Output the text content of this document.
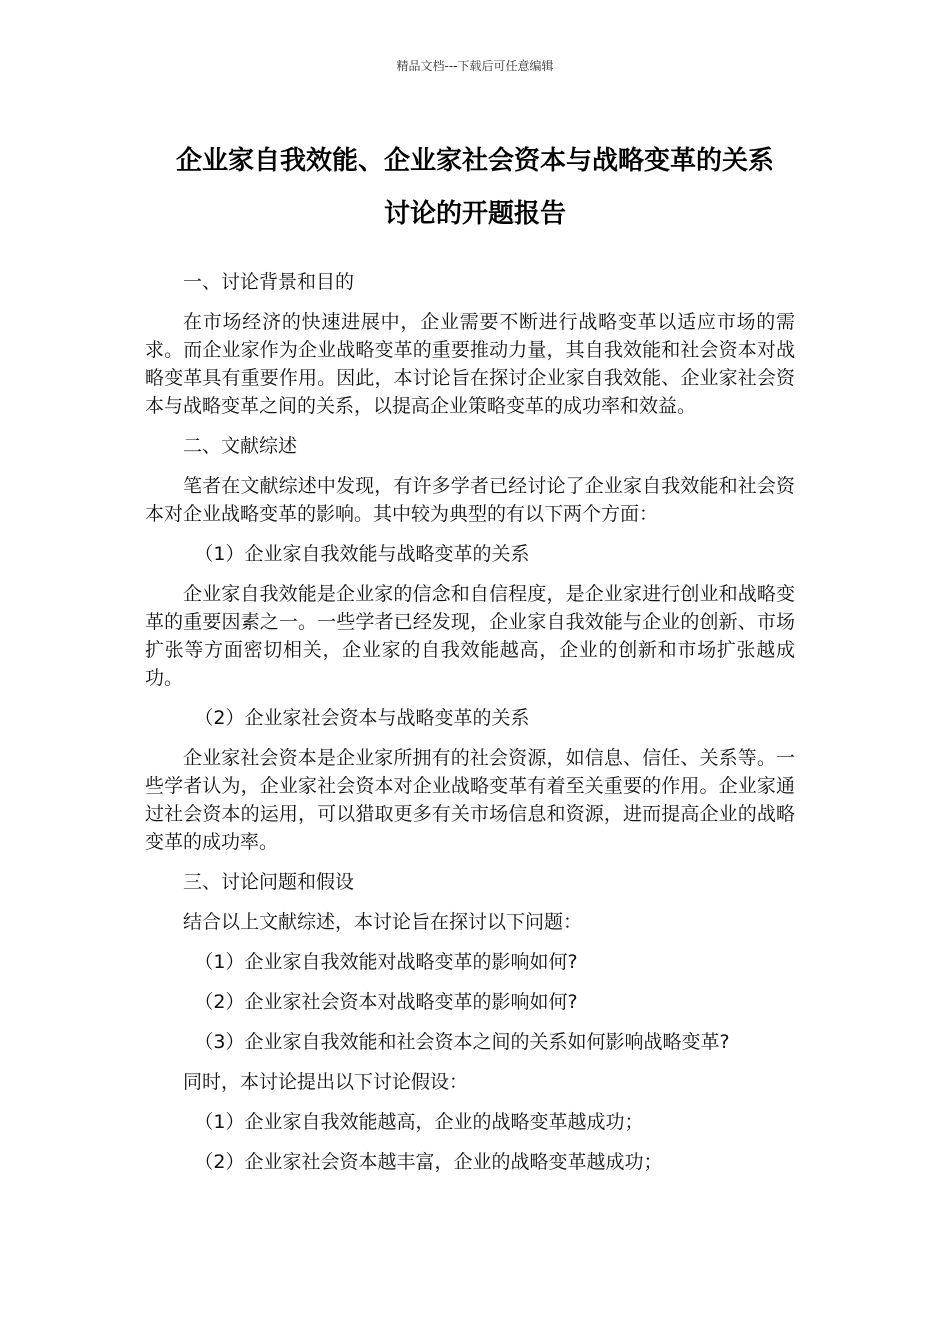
精品文档---下载后可任意编辑
企业家自我效能、企业家社会资本与战略变革的关系
讨论的开题报告

一、讨论背景和目的

在市场经济的快速进展中，企业需要不断进行战略变革以适应市场的需求。而企业家作为企业战略变革的重要推动力量，其自我效能和社会资本对战略变革具有重要作用。因此，本讨论旨在探讨企业家自我效能、企业家社会资本与战略变革之间的关系，以提高企业策略变革的成功率和效益。

二、文献综述

笔者在文献综述中发现，有许多学者已经讨论了企业家自我效能和社会资本对企业战略变革的影响。其中较为典型的有以下两个方面：

（1）企业家自我效能与战略变革的关系

企业家自我效能是企业家的信念和自信程度，是企业家进行创业和战略变革的重要因素之一。一些学者已经发现，企业家自我效能与企业的创新、市场扩张等方面密切相关，企业家的自我效能越高，企业的创新和市场扩张越成功。

（2）企业家社会资本与战略变革的关系

企业家社会资本是企业家所拥有的社会资源，如信息、信任、关系等。一些学者认为，企业家社会资本对企业战略变革有着至关重要的作用。企业家通过社会资本的运用，可以猎取更多有关市场信息和资源，进而提高企业的战略变革的成功率。

三、讨论问题和假设

结合以上文献综述，本讨论旨在探讨以下问题：

（1）企业家自我效能对战略变革的影响如何?

（2）企业家社会资本对战略变革的影响如何?

（3）企业家自我效能和社会资本之间的关系如何影响战略变革?

同时，本讨论提出以下讨论假设：

（1）企业家自我效能越高，企业的战略变革越成功；

（2）企业家社会资本越丰富，企业的战略变革越成功；
